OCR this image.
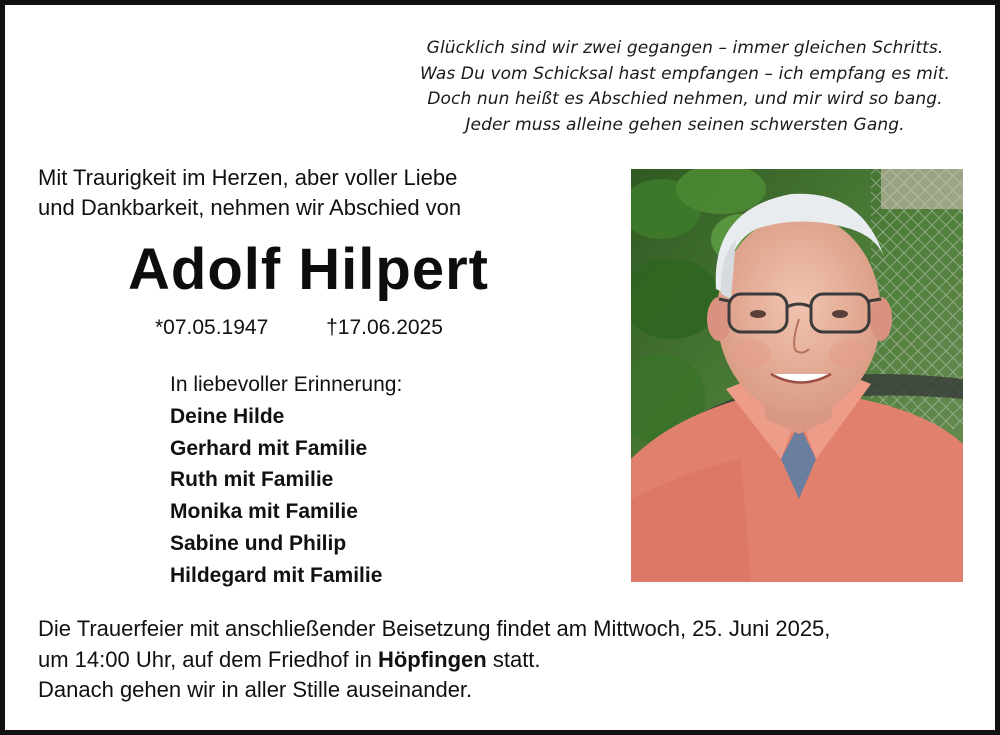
Glücklich sind wir zwei gegangen – immer gleichen Schritts.
Was Du vom Schicksal hast empfangen – ich empfang es mit.
Doch nun heißt es Abschied nehmen, und mir wird so bang.
Jeder muss alleine gehen seinen schwersten Gang.
Mit Traurigkeit im Herzen, aber voller Liebe
und Dankbarkeit, nehmen wir Abschied von
Adolf Hilpert
*07.05.1947	†17.06.2025
In liebevoller Erinnerung:
Deine Hilde
Gerhard mit Familie
Ruth mit Familie
Monika mit Familie
Sabine und Philip
Hildegard mit Familie
Die Trauerfeier mit anschließender Beisetzung findet am Mittwoch, 25. Juni 2025,
um 14:00 Uhr, auf dem Friedhof in Höpfingen statt.
Danach gehen wir in aller Stille auseinander.
